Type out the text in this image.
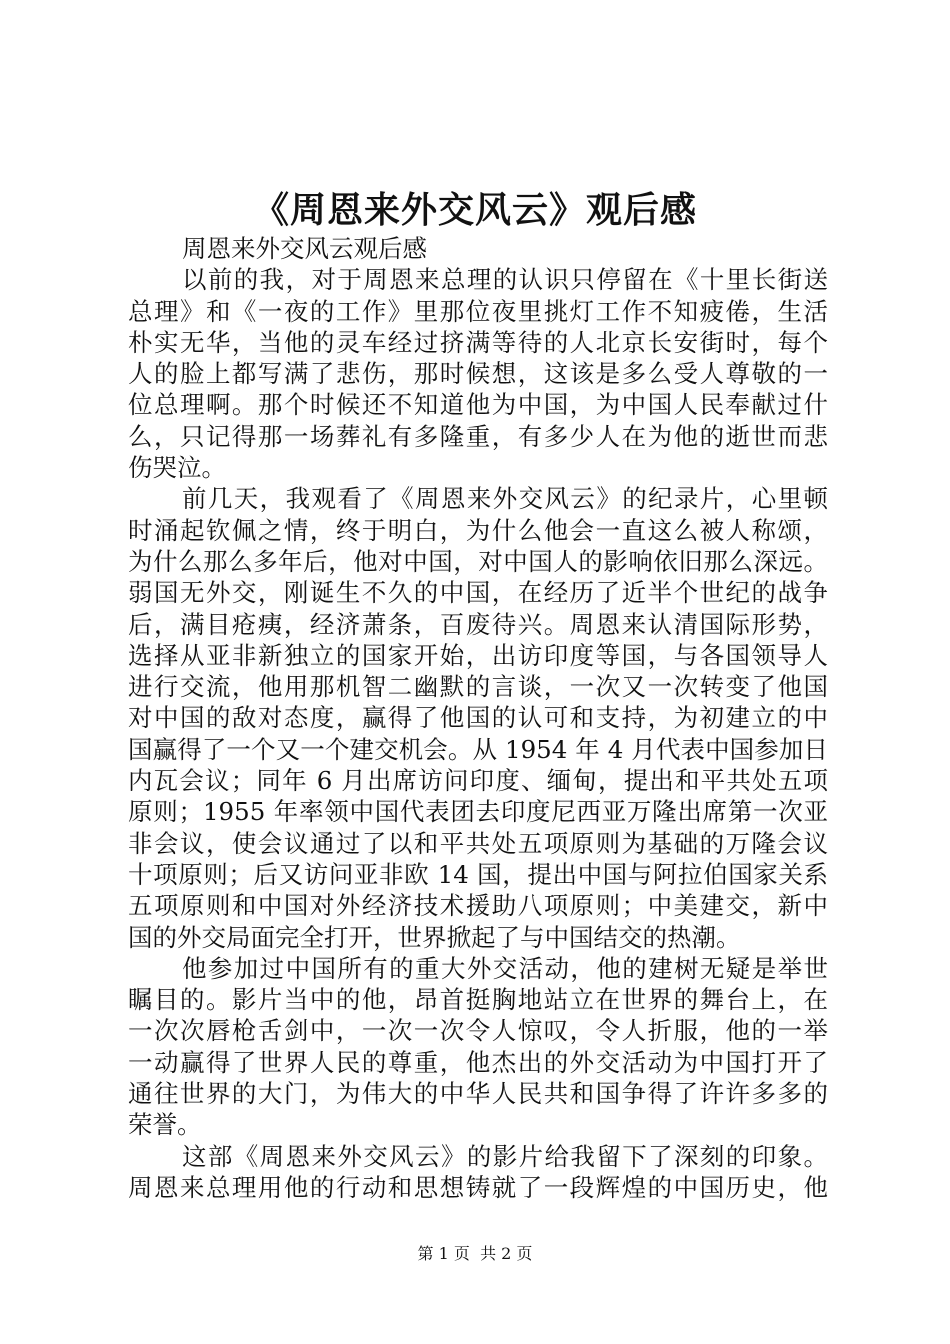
《周恩来外交风云》观后感
周恩来外交风云观后感
以前的我，对于周恩来总理的认识只停留在《十里长街送
总理》和《一夜的工作》里那位夜里挑灯工作不知疲倦，生活
朴实无华，当他的灵车经过挤满等待的人北京长安街时，每个
人的脸上都写满了悲伤，那时候想，这该是多么受人尊敬的一
位总理啊。那个时候还不知道他为中国，为中国人民奉献过什
么，只记得那一场葬礼有多隆重，有多少人在为他的逝世而悲
伤哭泣。
前几天，我观看了《周恩来外交风云》的纪录片，心里顿
时涌起钦佩之情，终于明白，为什么他会一直这么被人称颂，
为什么那么多年后，他对中国，对中国人的影响依旧那么深远。
弱国无外交，刚诞生不久的中国，在经历了近半个世纪的战争
后，满目疮痍，经济萧条，百废待兴。周恩来认清国际形势，
选择从亚非新独立的国家开始，出访印度等国，与各国领导人
进行交流，他用那机智二幽默的言谈，一次又一次转变了他国
对中国的敌对态度，赢得了他国的认可和支持，为初建立的中
国赢得了一个又一个建交机会。从 1954 年 4 月代表中国参加日
内瓦会议；同年 6 月出席访问印度、缅甸，提出和平共处五项
原则；1955 年率领中国代表团去印度尼西亚万隆出席第一次亚
非会议，使会议通过了以和平共处五项原则为基础的万隆会议
十项原则；后又访问亚非欧 14 国，提出中国与阿拉伯国家关系
五项原则和中国对外经济技术援助八项原则；中美建交，新中
国的外交局面完全打开，世界掀起了与中国结交的热潮。
他参加过中国所有的重大外交活动，他的建树无疑是举世
瞩目的。影片当中的他，昂首挺胸地站立在世界的舞台上，在
一次次唇枪舌剑中，一次一次令人惊叹，令人折服，他的一举
一动赢得了世界人民的尊重，他杰出的外交活动为中国打开了
通往世界的大门，为伟大的中华人民共和国争得了许许多多的
荣誉。
这部《周恩来外交风云》的影片给我留下了深刻的印象。
周恩来总理用他的行动和思想铸就了一段辉煌的中国历史，他
第 1 页  共 2 页
